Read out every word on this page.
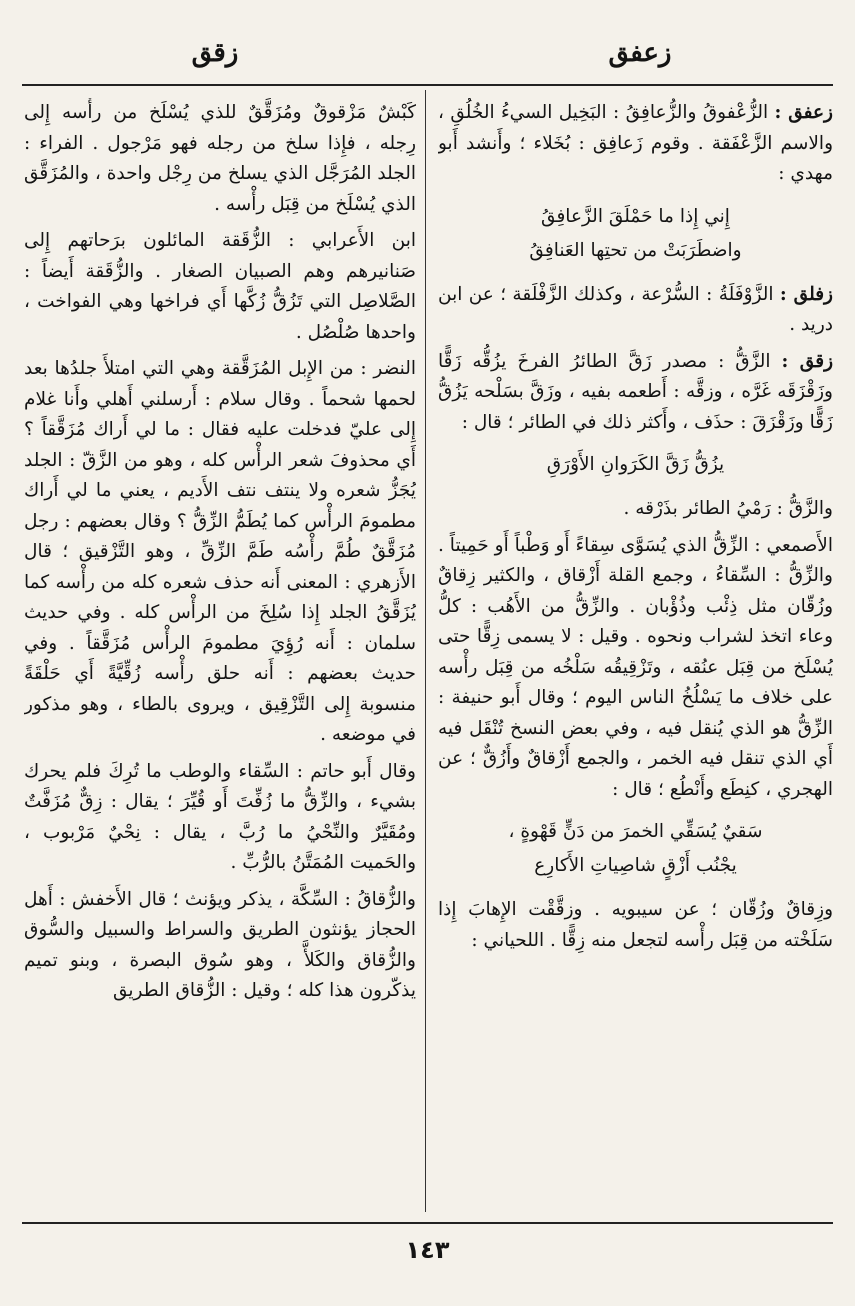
زقق	زعفق

زعفق : الزُّعْفوقُ والزُّعافِقُ : البَخِيل السيءُ الخُلُقِ ، والاسم الزَّعْفَقة . وقوم زَعافِق : بُخَلاء ؛ وأَنشد أَبو مهدي :

إِني إِذا ما حَمْلَقَ الزَّعافِقُ
واضطَرَبَتْ من تحتِها العَنافِقُ

زفلق : الزَّوْفَلَةُ : السُّرْعة ، وكذلك الزَّفْلَقة ؛ عن ابن دريد .

زقق : الزَّقُّ : مصدر زَقَّ الطائرُ الفرخَ يزُقُّه زَقًّا وزَقْزَقَه غَرَّه ، وزقَّه : أَطعمه بفيه ، وزَقَّ بسَلْحه يَزُقُّ زَقًّا وزَقْزَقَ : حذَف ، وأَكثر ذلك في الطائر ؛ قال :

يزُقُّ زَقَّ الكَرَوانِ الأَوْرَقِ

والزَّقُّ : رَمْيُ الطائر بذَرْقه .

الأَصمعي : الزِّقُّ الذي يُسَوَّى سِقاءً أَو وَطْباً أَو حَمِيتاً . والزِّقُّ : السِّقاءُ ، وجمع القلة أَزْقاق ، والكثير زِقاقٌ وزُقّان مثل ذِئْب وذُؤْبان . والزِّقُّ من الأَهُب : كلُّ وعاء اتخذ لشراب ونحوه . وقيل : لا يسمى زِقًّا حتى يُسْلَخ من قِبَل عنُقه ، وتَزْقِيقُه سَلْخُه من قِبَل رأْسه على خلاف ما يَسْلُخُ الناس اليوم ؛ وقال أَبو حنيفة : الزِّقُّ هو الذي يُنقل فيه ، وفي بعض النسخ تُنْقَل فيه أَي الذي تنقل فيه الخمر ، والجمع أَزْقاقٌ وأَزُقٌّ ؛ عن الهجري ، كنِطَع وأَنْطُع ؛ قال :

سَقيٌ يُسَقِّي الخمرَ من دَنٍّ قَهْوةٍ ،
يجْنُب أَزْقٍ شاصِياتِ الأَكارِع

وزِقاقٌ وزُقّان ؛ عن سيبويه . وزقَّقْت الإِهابَ إِذا سَلَخْته من قِبَل رأْسه لتجعل منه زِقًّا . اللحياني :

كَبْشٌ مَزْقوقٌ ومُزَقَّقٌ للذي يُسْلَخ من رأْسه إِلى رِجله ، فإِذا سلخ من رجله فهو مَرْجول . الفراء : الجلد المُرَجَّل الذي يسلخ من رِجْل واحدة ، والمُزَقَّق الذي يُسْلَخ من قِبَل رأْسه .

ابن الأَعرابي : الزُّقَقة المائلون برَحاتهم إِلى صَنانيرهم وهم الصبيان الصغار . والزُّقَقة أَيضاً : الصَّلاصِل التي تَزُقُّ زُكَّها أَي فراخها وهي الفواخت ، واحدها صُلْصُل .

النضر : من الإِبل المُزَقَّقة وهي التي امتلأَ جلدُها بعد لحمها شحماً . وقال سلام : أَرسلني أَهلي وأَنا غلام إِلى عليّ فدخلت عليه فقال : ما لي أَراك مُزَقَّقاً ؟ أَي محذوفَ شعر الرأْس كله ، وهو من الزَّقّ : الجلد يُجَزُّ شعره ولا ينتف نتف الأَديم ، يعني ما لي أَراك مطمومَ الرأْس كما يُطَمُّ الزِّقُّ ؟ وقال بعضهم : رجل مُزَقَّقٌ طُمَّ رأْسُه طَمَّ الزِّقِّ ، وهو التَّزْقيق ؛ قال الأَزهري : المعنى أَنه حذف شعره كله من رأْسه كما يُزَقَّقُ الجلد إِذا سُلِخَ من الرأْس كله . وفي حديث سلمان : أَنه رُؤِيَ مطمومَ الرأْس مُزَقَّقاً . وفي حديث بعضهم : أَنه حلق رأْسه زُقِّيَّةً أَي حَلْقَةً منسوبة إِلى التَّزْقِيق ، ويروى بالطاء ، وهو مذكور في موضعه .

وقال أَبو حاتم : السِّقاء والوطب ما تُرِكَ فلم يحرك بشيء ، والزِّقُّ ما زُفِّتَ أَو قُيِّرَ ؛ يقال : زِقٌّ مُزَفَّتٌ ومُقَيَّرٌ والنِّحْيُ ما رُبَّ ، يقال : نِحْيٌ مَرْبوب ، والحَميت المُمَتَّنُ بالرُّبِّ .

والزُّقاقُ : السِّكَّة ، يذكر ويؤنث ؛ قال الأَخفش : أَهل الحجاز يؤنثون الطريق والسراط والسبيل والسُّوق والزُّقاق والكَلأَّ ، وهو سُوق البصرة ، وبنو تميم يذكّرون هذا كله ؛ وقيل : الزُّقاق الطريق

١٤٣
